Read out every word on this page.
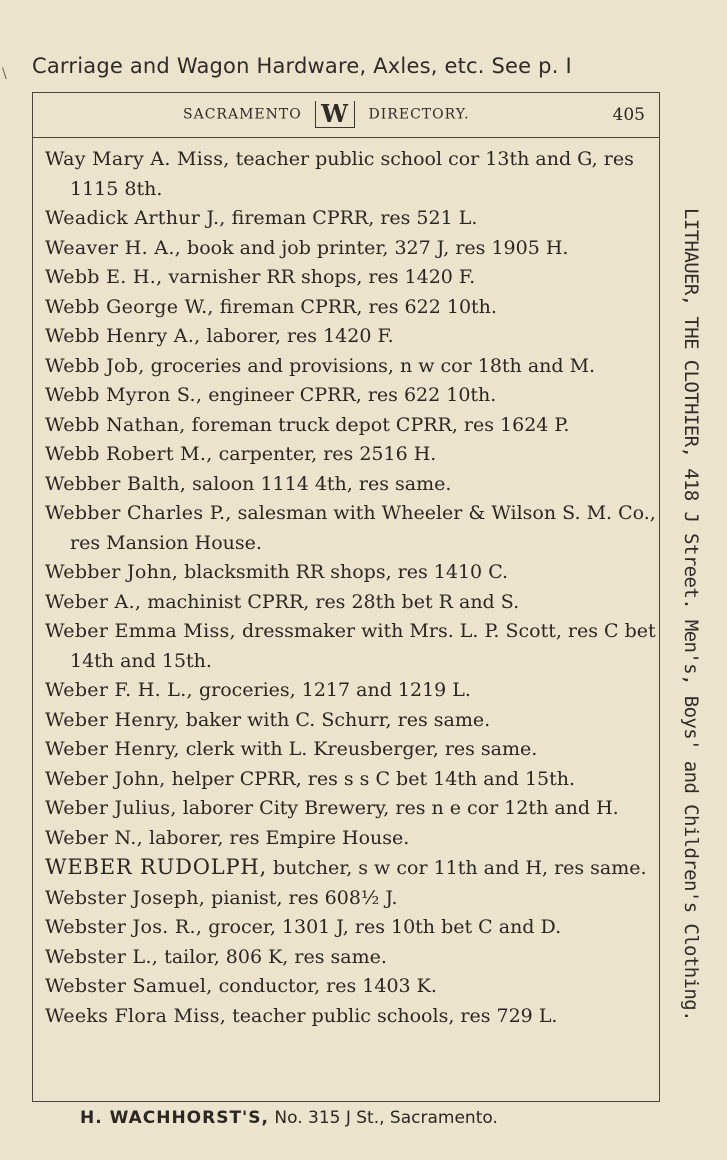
\ Carriage and Wagon Hardware, Axles, etc. See p. I
SACRAMENTO W DIRECTORY.	405
Way Mary A. Miss, teacher public school cor 13th and G, res 1115 8th.
Weadick Arthur J., fireman CPRR, res 521 L.
Weaver H. A., book and job printer, 327 J, res 1905 H.
Webb E. H., varnisher RR shops, res 1420 F.
Webb George W., fireman CPRR, res 622 10th.
Webb Henry A., laborer, res 1420 F.
Webb Job, groceries and provisions, n w cor 18th and M.
Webb Myron S., engineer CPRR, res 622 10th.
Webb Nathan, foreman truck depot CPRR, res 1624 P.
Webb Robert M., carpenter, res 2516 H.
Webber Balth, saloon 1114 4th, res same.
Webber Charles P., salesman with Wheeler & Wilson S. M. Co., res Mansion House.
Webber John, blacksmith RR shops, res 1410 C.
Weber A., machinist CPRR, res 28th bet R and S.
Weber Emma Miss, dressmaker with Mrs. L. P. Scott, res C bet 14th and 15th.
Weber F. H. L., groceries, 1217 and 1219 L.
Weber Henry, baker with C. Schurr, res same.
Weber Henry, clerk with L. Kreusberger, res same.
Weber John, helper CPRR, res s s C bet 14th and 15th.
Weber Julius, laborer City Brewery, res n e cor 12th and H.
Weber N., laborer, res Empire House.
WEBER RUDOLPH, butcher, s w cor 11th and H, res same.
Webster Joseph, pianist, res 608½ J.
Webster Jos. R., grocer, 1301 J, res 10th bet C and D.
Webster L., tailor, 806 K, res same.
Webster Samuel, conductor, res 1403 K.
Weeks Flora Miss, teacher public schools, res 729 L.	LITHAUER, THE CLOTHIER, 418 J Street. Men's, Boys' and Children's Clothing.
H. WACHHORST'S, No. 315 J St., Sacramento.
